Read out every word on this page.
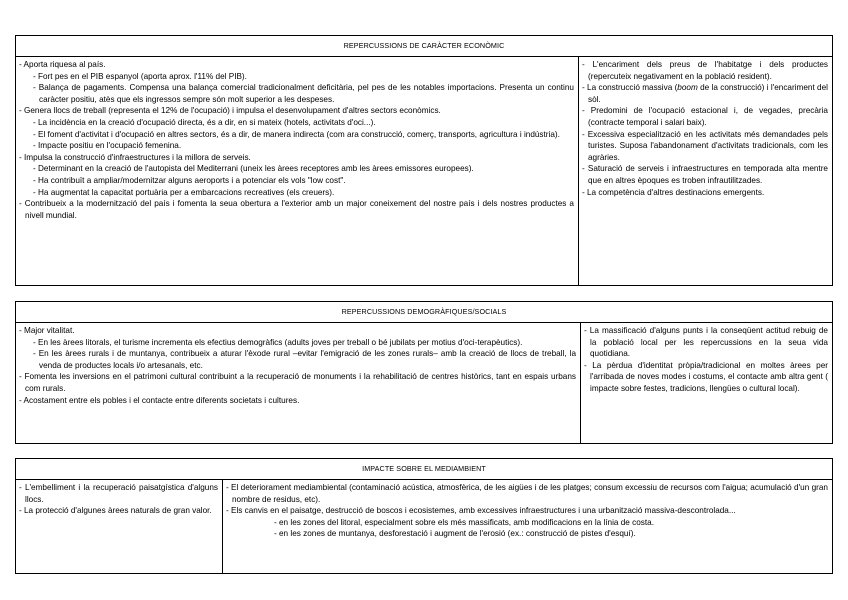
REPERCUSSIONS DE CARÀCTER ECONÒMIC
- Aporta riquesa al país.
- Fort pes en el PIB espanyol (aporta aprox. l'11% del PIB).
- Balança de pagaments. Compensa una balança comercial tradicionalment deficitària, pel pes de les notables importacions. Presenta un continu caràcter positiu, atès que els ingressos sempre són molt superior a les despeses.
- Genera llocs de treball (representa el 12% de l'ocupació) i impulsa el desenvolupament d'altres sectors econòmics.
- La incidència en la creació d'ocupació directa, és a dir, en si mateix (hotels, activitats d'oci...).
- El foment d'activitat i d'ocupació en altres sectors, és a dir, de manera indirecta (com ara construcció, comerç, transports, agricultura i indústria).
- Impacte positiu en l'ocupació femenina.
- Impulsa la construcció d'infraestructures i la millora de serveis.
- Determinant en la creació de l'autopista del Mediterrani (uneix les àrees receptores amb les àrees emissores europees).
- Ha contribuït a ampliar/modernitzar alguns aeroports i a potenciar els vols "low cost".
- Ha augmentat la capacitat portuària per a embarcacions recreatives (els creuers).
- Contribueix a la modernització del país i fomenta la seua obertura a l'exterior amb un major coneixement del nostre país i dels nostres productes a nivell mundial.
- L'encariment dels preus de l'habitatge i dels productes (repercuteix negativament en la població resident).
- La construcció massiva (boom de la construcció) i l'encariment del sòl.
- Predomini de l'ocupació estacional i, de vegades, precària (contracte temporal i salari baix).
- Excessiva especialització en les activitats més demandades pels turistes. Suposa l'abandonament d'activitats tradicionals, com les agràries.
- Saturació de serveis i infraestructures en temporada alta mentre que en altres èpoques es troben infrautilitzades.
- La competència d'altres destinacions emergents.
REPERCUSSIONS DEMOGRÀFIQUES/SOCIALS
- Major vitalitat.
- En les àrees litorals, el turisme incrementa els efectius demogràfics (adults joves per treball o bé jubilats per motius d'oci-terapèutics).
- En les àrees rurals i de muntanya, contribueix a aturar l'èxode rural –evitar l'emigració de les zones rurals– amb la creació de llocs de treball, la venda de productes locals i/o artesanals, etc.
- Fomenta les inversions en el patrimoni cultural contribuint a la recuperació de monuments i la rehabilitació de centres històrics, tant en espais urbans com rurals.
- Acostament entre els pobles i el contacte entre diferents societats i cultures.
- La massificació d'alguns punts i la conseqüent actitud rebuig de la població local per les repercussions en la seua vida quotidiana.
- La pèrdua d'identitat pròpia/tradicional en moltes àrees per l'arribada de noves modes i costums, el contacte amb altra gent ( impacte sobre festes, tradicions, llengües o cultural local).
IMPACTE SOBRE EL MEDIAMBIENT
- L'embelliment i la recuperació paisatgística d'alguns llocs.
- La protecció d'algunes àrees naturals de gran valor.
- El deteriorament mediambiental (contaminació acústica, atmosfèrica, de les aigües i de les platges; consum excessiu de recursos com l'aigua; acumulació d'un gran nombre de residus, etc).
- Els canvis en el paisatge, destrucció de boscos i ecosistemes, amb excessives infraestructures i una urbanització massiva-descontrolada...
- en les zones del litoral, especialment sobre els més massificats, amb modificacions en la línia de costa.
- en les zones de muntanya, desforestació i augment de l'erosió (ex.: construcció de pistes d'esquí).
